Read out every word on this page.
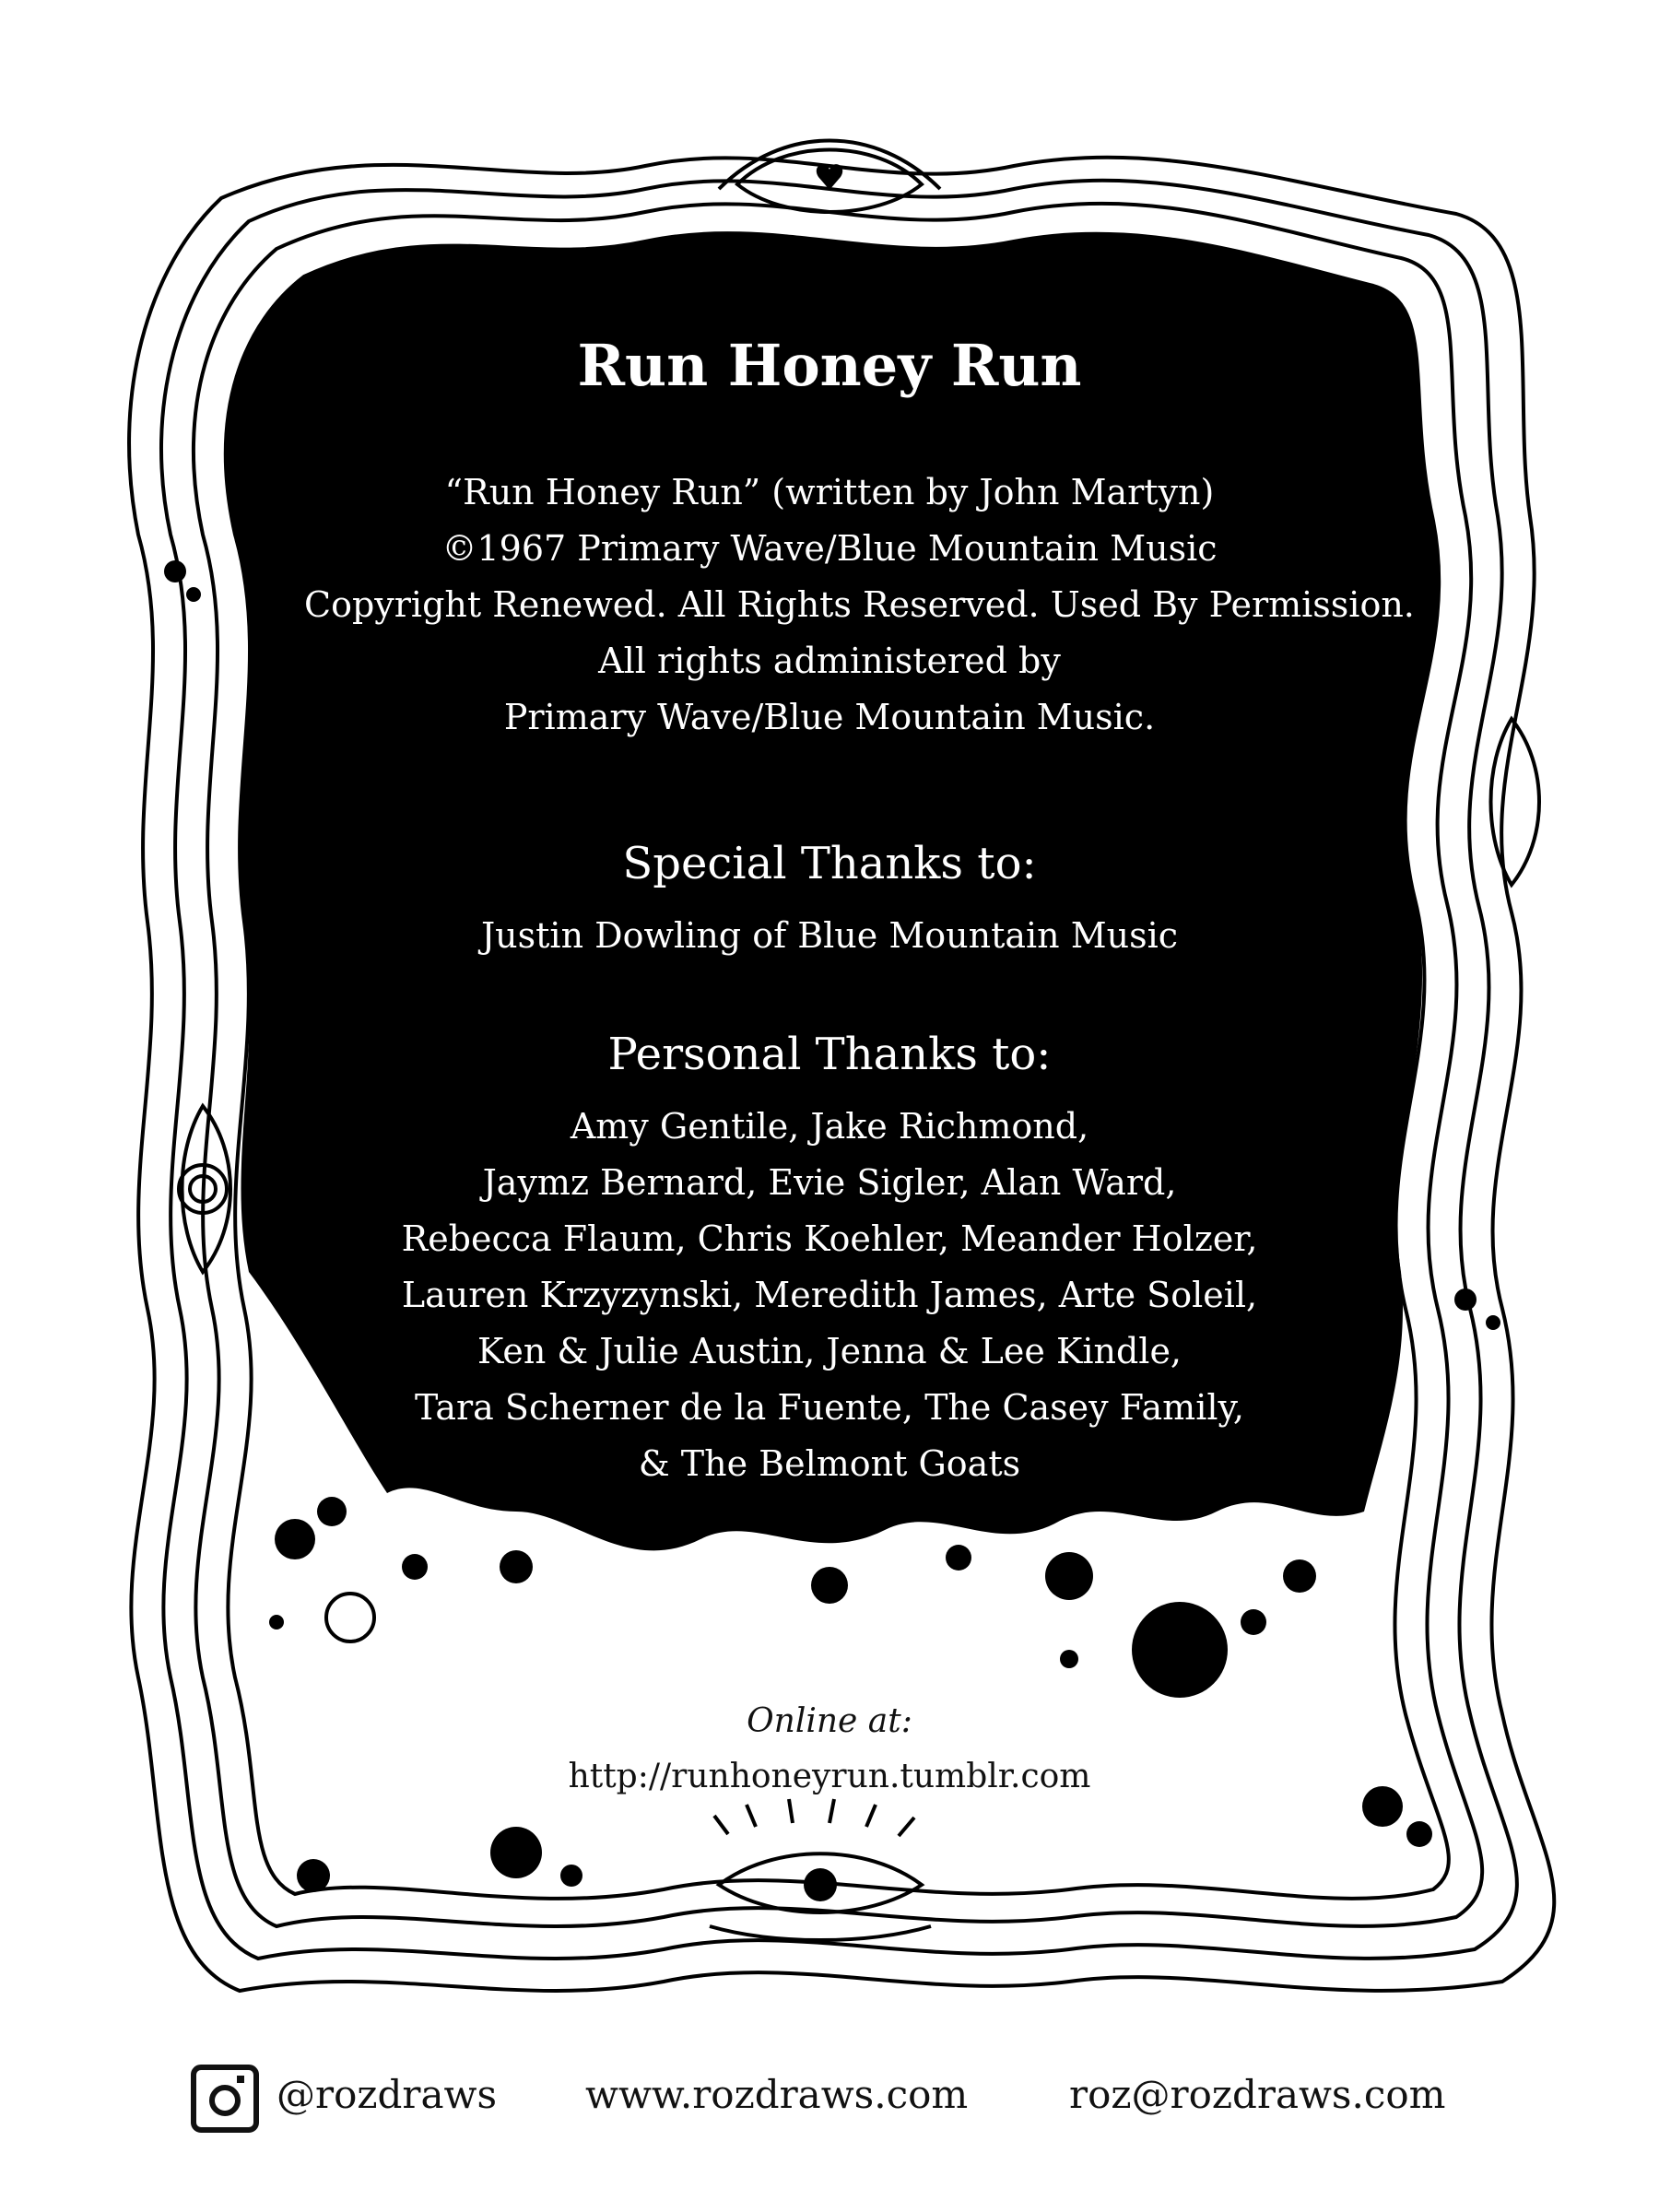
Run Honey Run
“Run Honey Run” (written by John Martyn)
©1967 Primary Wave/Blue Mountain Music
Copyright Renewed. All Rights Reserved. Used By Permission.
All rights administered by
Primary Wave/Blue Mountain Music.
Special Thanks to:
Justin Dowling of Blue Mountain Music
Personal Thanks to:
Amy Gentile, Jake Richmond,
Jaymz Bernard, Evie Sigler, Alan Ward,
Rebecca Flaum, Chris Koehler, Meander Holzer,
Lauren Krzyzynski, Meredith James, Arte Soleil,
Ken & Julie Austin, Jenna & Lee Kindle,
Tara Scherner de la Fuente, The Casey Family,
& The Belmont Goats
Online at:
http://runhoneyrun.tumblr.com
@rozdraws www.rozdraws.com	roz@rozdraws.com
